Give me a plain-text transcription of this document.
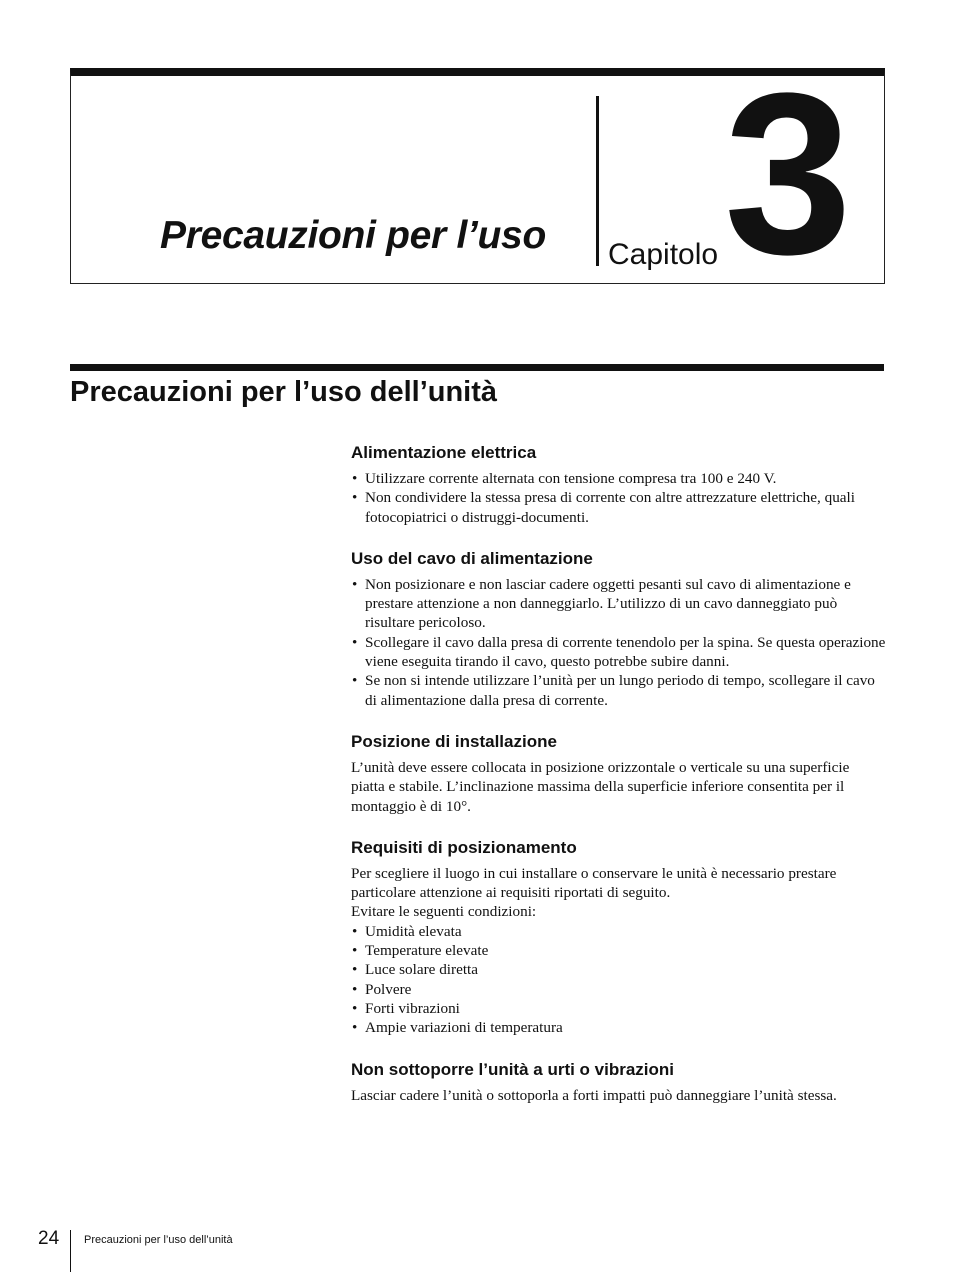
Precauzioni per l’uso Capitolo 3
Precauzioni per l’uso dell’unità
Alimentazione elettrica
• Utilizzare corrente alternata con tensione compresa tra 100 e 240 V.
• Non condividere la stessa presa di corrente con altre attrezzature elettriche, quali fotocopiatrici o distruggi-documenti.
Uso del cavo di alimentazione
• Non posizionare e non lasciar cadere oggetti pesanti sul cavo di alimentazione e prestare attenzione a non danneggiarlo. L’utilizzo di un cavo danneggiato può risultare pericoloso.
• Scollegare il cavo dalla presa di corrente tenendolo per la spina. Se questa operazione viene eseguita tirando il cavo, questo potrebbe subire danni.
• Se non si intende utilizzare l’unità per un lungo periodo di tempo, scollegare il cavo di alimentazione dalla presa di corrente.
Posizione di installazione

L’unità deve essere collocata in posizione orizzontale o verticale su una superficie piatta e stabile. L’inclinazione massima della superficie inferiore consentita per il montaggio è di 10°.

Requisiti di posizionamento

Per scegliere il luogo in cui installare o conservare le unità è necessario prestare particolare attenzione ai requisiti riportati di seguito.

Evitare le seguenti condizioni:

• Umidità elevata
• Temperature elevate
• Luce solare diretta
• Polvere
• Forti vibrazioni
• Ampie variazioni di temperatura
Non sottoporre l’unità a urti o vibrazioni

Lasciar cadere l’unità o sottoporla a forti impatti può danneggiare l’unità stessa.

24 Precauzioni per l’uso dell’unità
